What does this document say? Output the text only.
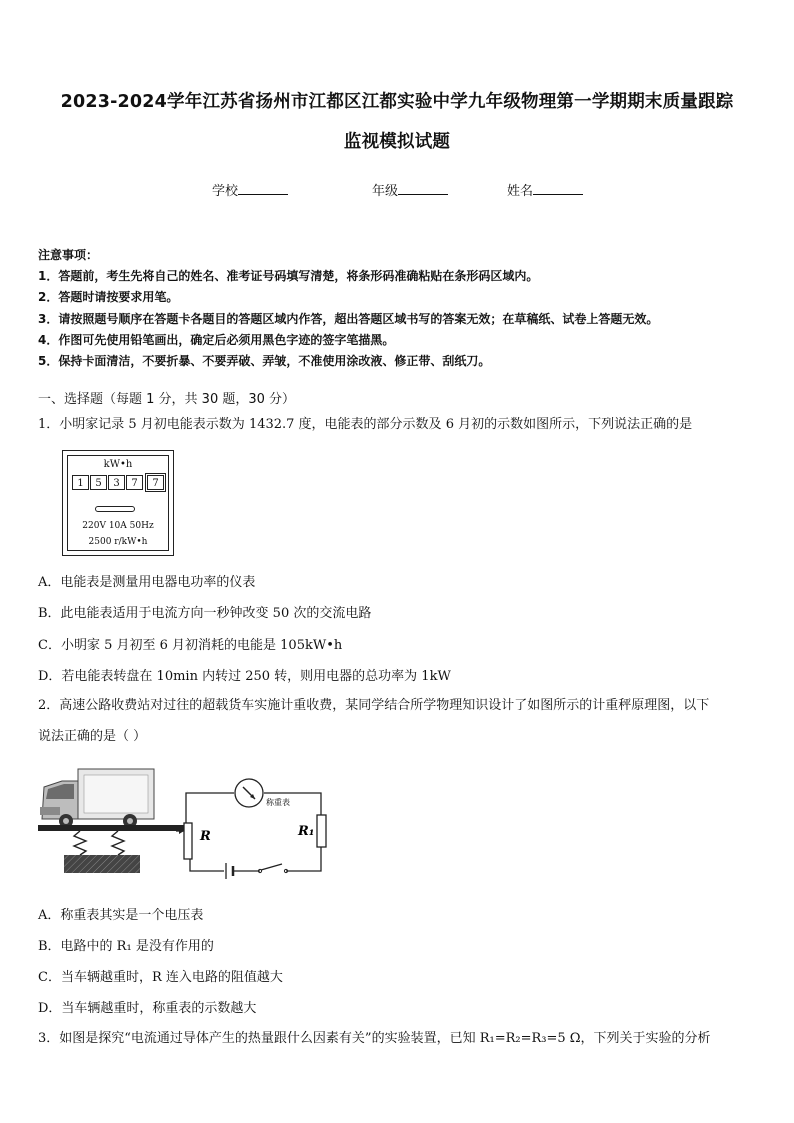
2023-2024学年江苏省扬州市江都区江都实验中学九年级物理第一学期期末质量跟踪
监视模拟试题
学校	年级	姓名
注意事项：
1．答题前，考生先将自己的姓名、准考证号码填写清楚，将条形码准确粘贴在条形码区域内。
2．答题时请按要求用笔。
3．请按照题号顺序在答题卡各题目的答题区域内作答，超出答题区域书写的答案无效；在草稿纸、试卷上答题无效。
4．作图可先使用铅笔画出，确定后必须用黑色字迹的签字笔描黑。
5．保持卡面清洁，不要折暴、不要弄破、弄皱，不准使用涂改液、修正带、刮纸刀。
一、选择题（每题 1 分，共 30 题，30 分）
1．小明家记录 5 月初电能表示数为 1432.7 度，电能表的部分示数及 6 月初的示数如图所示，下列说法正确的是
kW•h
1	5	3	7	7
220V 10A 50Hz
2500 r/kW•h
A．电能表是测量用电器电功率的仪表
B．此电能表适用于电流方向一秒钟改变 50 次的交流电路
C．小明家 5 月初至 6 月初消耗的电能是 105kW•h
D．若电能表转盘在 10min 内转过 250 转，则用电器的总功率为 1kW
2．高速公路收费站对过往的超载货车实施计重收费，某同学结合所学物理知识设计了如图所示的计重秤原理图，以下
说法正确的是（ ）
称重表
R	R₁
A．称重表其实是一个电压表
B．电路中的 R₁ 是没有作用的
C．当车辆越重时，R 连入电路的阻值越大
D．当车辆越重时，称重表的示数越大
3．如图是探究“电流通过导体产生的热量跟什么因素有关”的实验装置，已知 R₁=R₂=R₃=5 Ω，下列关于实验的分析
